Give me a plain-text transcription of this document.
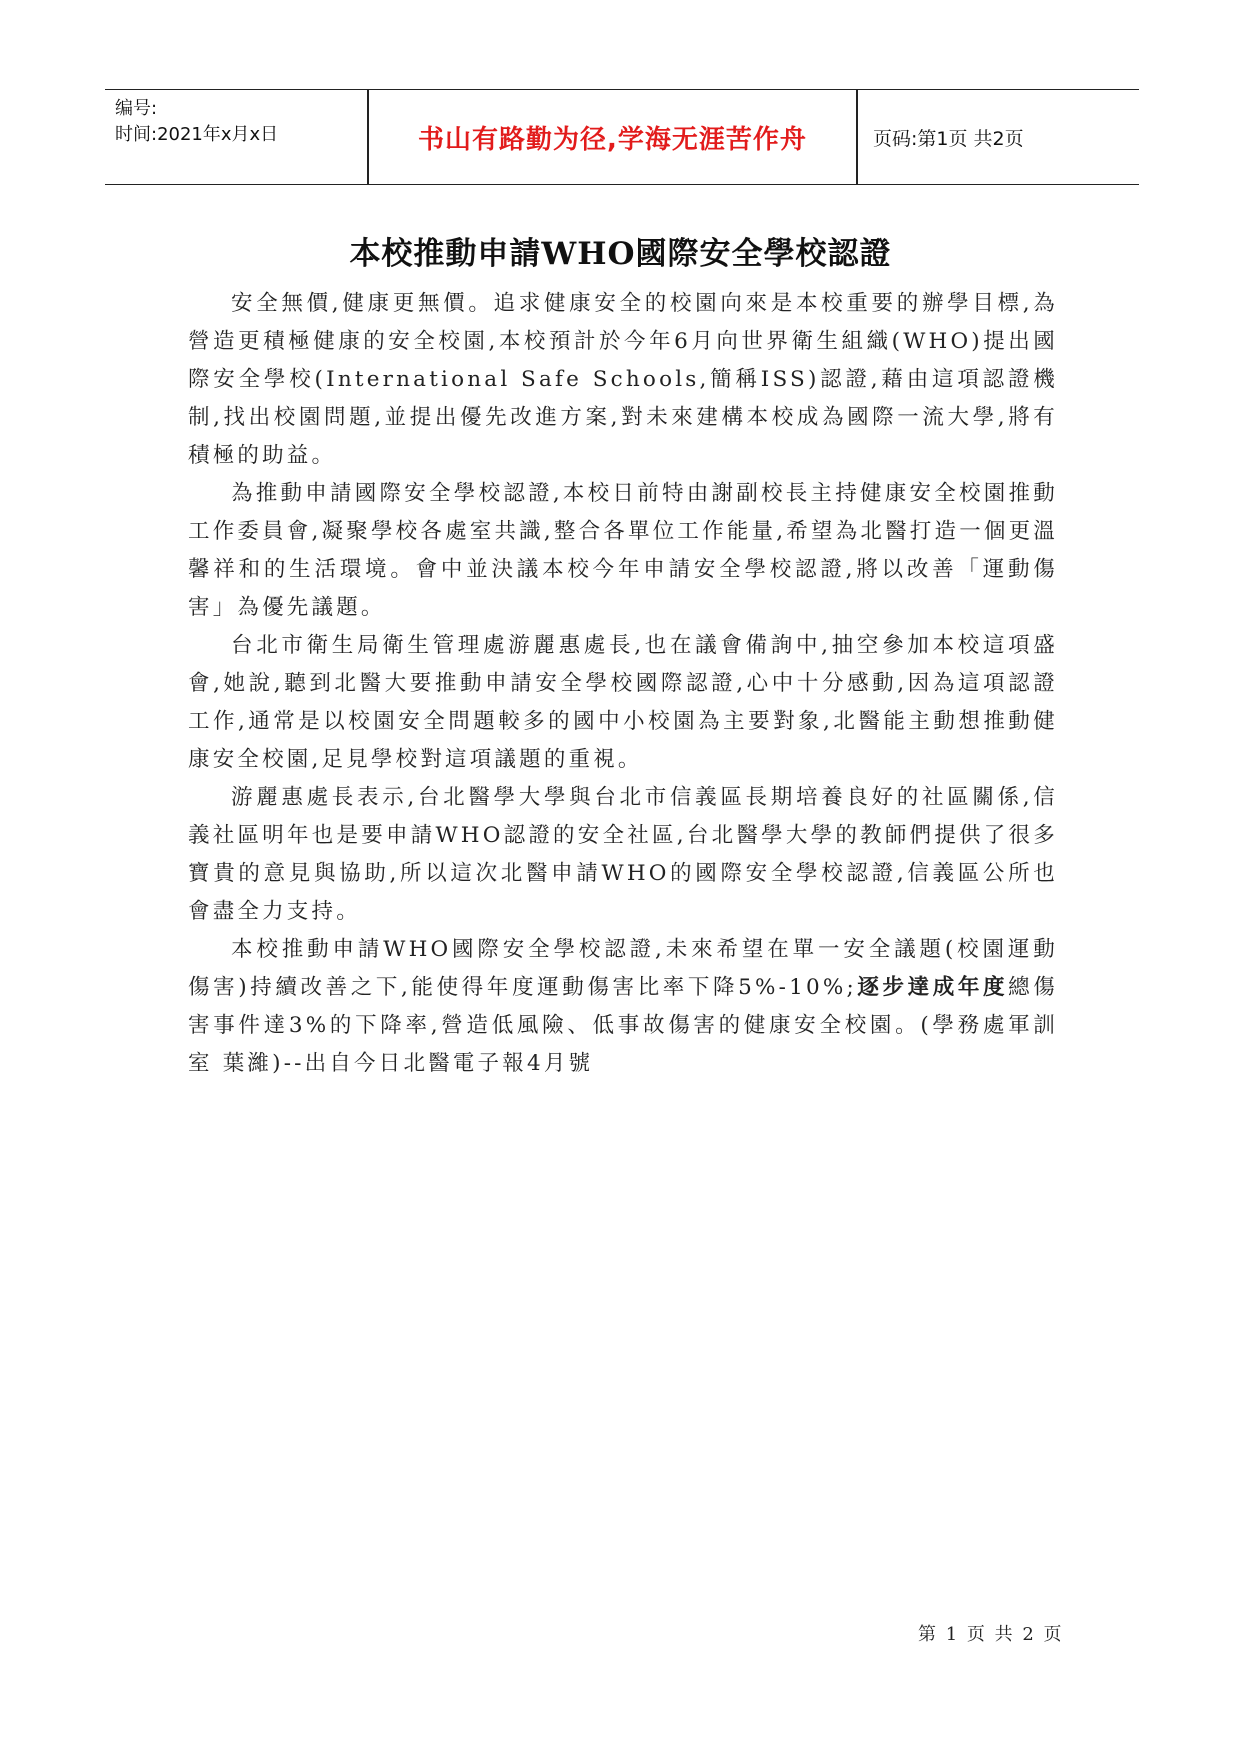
编号:
时间:2021年x月x日	书山有路勤为径,学海无涯苦作舟	页码:第1页 共2页
本校推動申請WHO國際安全學校認證

安全無價,健康更無價。追求健康安全的校園向來是本校重要的辦學目標,為營造更積極健康的安全校園,本校預計於今年6月向世界衛生組織(WHO)提出國際安全學校(International Safe Schools,簡稱ISS)認證,藉由這項認證機制,找出校園問題,並提出優先改進方案,對未來建構本校成為國際一流大學,將有積極的助益。

為推動申請國際安全學校認證,本校日前特由謝副校長主持健康安全校園推動工作委員會,凝聚學校各處室共識,整合各單位工作能量,希望為北醫打造一個更溫馨祥和的生活環境。會中並決議本校今年申請安全學校認證,將以改善「運動傷害」為優先議題。

台北市衛生局衛生管理處游麗惠處長,也在議會備詢中,抽空參加本校這項盛會,她說,聽到北醫大要推動申請安全學校國際認證,心中十分感動,因為這項認證工作,通常是以校園安全問題較多的國中小校園為主要對象,北醫能主動想推動健康安全校園,足見學校對這項議題的重視。

游麗惠處長表示,台北醫學大學與台北市信義區長期培養良好的社區關係,信義社區明年也是要申請WHO認證的安全社區,台北醫學大學的教師們提供了很多寶貴的意見與協助,所以這次北醫申請WHO的國際安全學校認證,信義區公所也會盡全力支持。

本校推動申請WHO國際安全學校認證,未來希望在單一安全議題(校園運動傷害)持續改善之下,能使得年度運動傷害比率下降5%-10%;逐步達成年度總傷害事件達3%的下降率,營造低風險、低事故傷害的健康安全校園。(學務處軍訓室 葉濰)--出自今日北醫電子報4月號

第 1 页 共 2 页
